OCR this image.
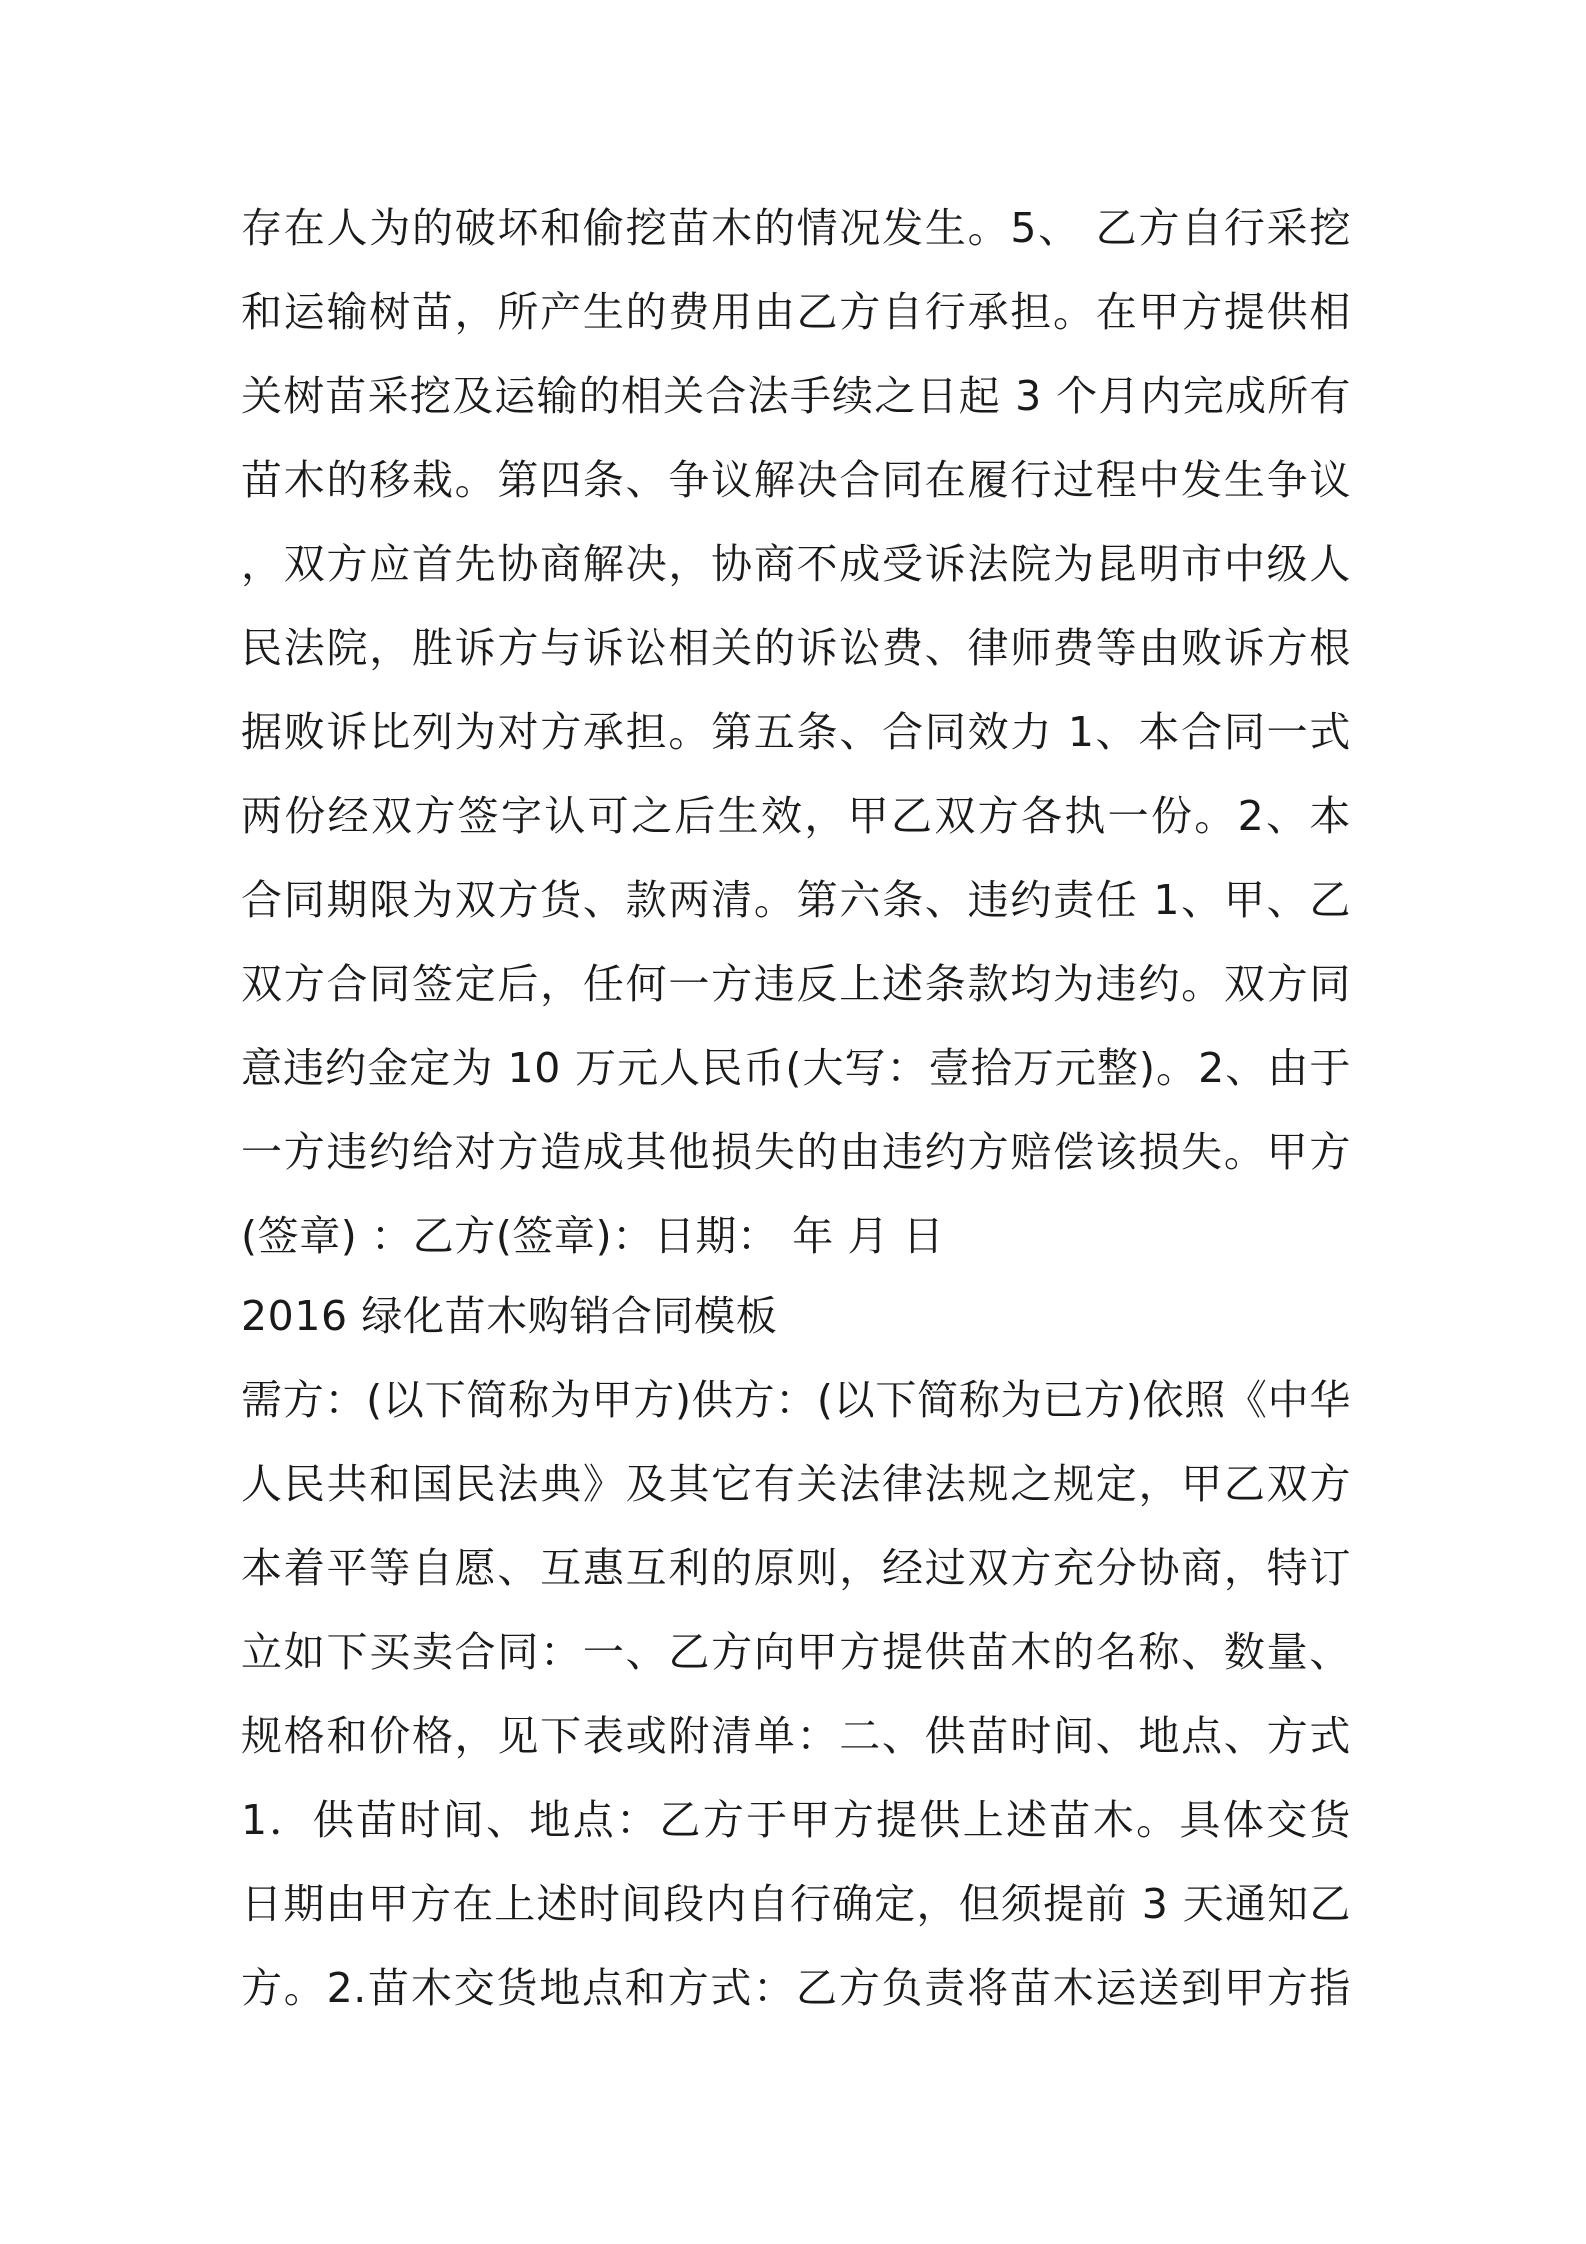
存在人为的破坏和偷挖苗木的情况发生。5、 乙方自行采挖
和运输树苗，所产生的费用由乙方自行承担。在甲方提供相
关树苗采挖及运输的相关合法手续之日起 3 个月内完成所有
苗木的移栽。第四条、争议解决合同在履行过程中发生争议
，双方应首先协商解决，协商不成受诉法院为昆明市中级人
民法院，胜诉方与诉讼相关的诉讼费、律师费等由败诉方根
据败诉比列为对方承担。第五条、合同效力 1、本合同一式
两份经双方签字认可之后生效，甲乙双方各执一份。2、本
合同期限为双方货、款两清。第六条、违约责任 1、甲、乙
双方合同签定后，任何一方违反上述条款均为违约。双方同
意违约金定为 10 万元人民币(大写：壹拾万元整)。2、由于
一方违约给对方造成其他损失的由违约方赔偿该损失。甲方
(签章) ：乙方(签章)：日期： 年 月 日
2016 绿化苗木购销合同模板
需方：(以下简称为甲方)供方：(以下简称为已方)依照《中华
人民共和国民法典》及其它有关法律法规之规定，甲乙双方
本着平等自愿、互惠互利的原则，经过双方充分协商，特订
立如下买卖合同：一、乙方向甲方提供苗木的名称、数量、
规格和价格，见下表或附清单：二、供苗时间、地点、方式
1．供苗时间、地点：乙方于甲方提供上述苗木。具体交货
日期由甲方在上述时间段内自行确定，但须提前 3 天通知乙
方。2.苗木交货地点和方式：乙方负责将苗木运送到甲方指
